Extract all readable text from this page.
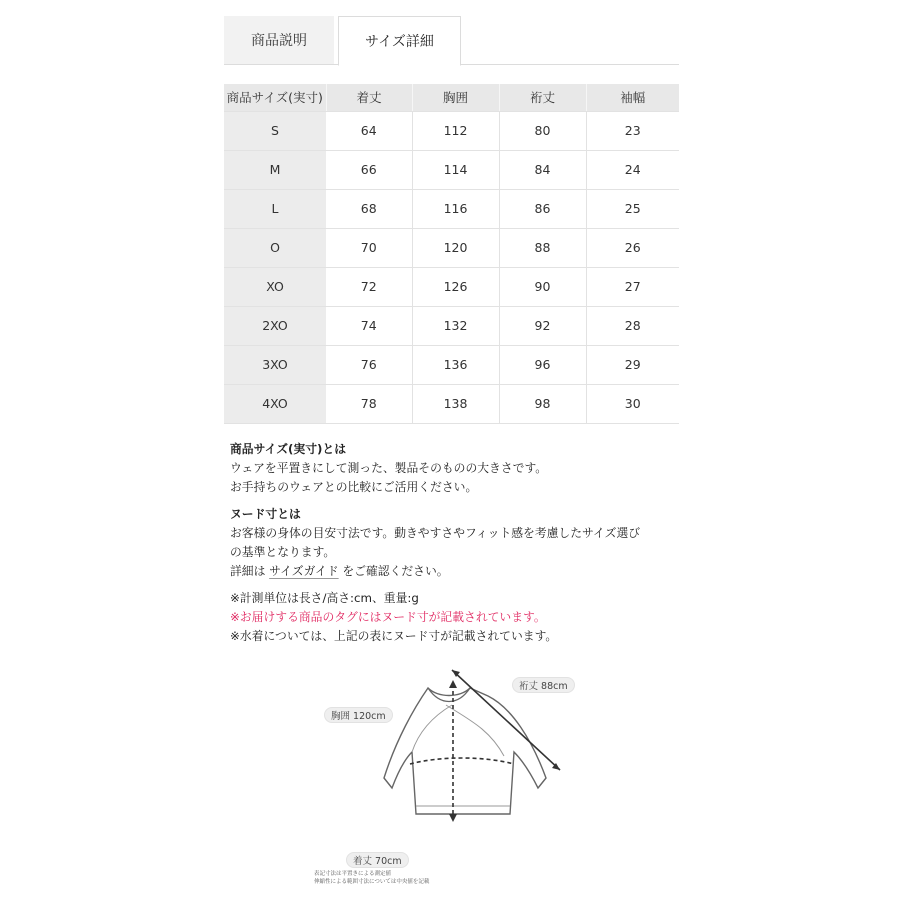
商品説明	サイズ詳細
商品サイズ(実寸)	着丈	胸囲	裄丈	袖幅
S	64	112	80	23
M	66	114	84	24
L	68	116	86	25
O	70	120	88	26
XO	72	126	90	27
2XO	74	132	92	28
3XO	76	136	96	29
4XO	78	138	98	30
商品サイズ(実寸)とは
ウェアを平置きにして測った、製品そのものの大きさです。
お手持ちのウェアとの比較にご活用ください。
ヌード寸とは
お客様の身体の目安寸法です。動きやすさやフィット感を考慮したサイズ選び
の基準となります。
詳細は サイズガイド をご確認ください。
※計測単位は長さ/高さ:cm、重量:g
※お届けする商品のタグにはヌード寸が記載されています。
※水着については、上記の表にヌード寸が記載されています。
裄丈 88cm
胸囲 120cm
着丈 70cm
表記寸法は平置きによる測定値
伸縮性による範囲寸法については中央値を記載
